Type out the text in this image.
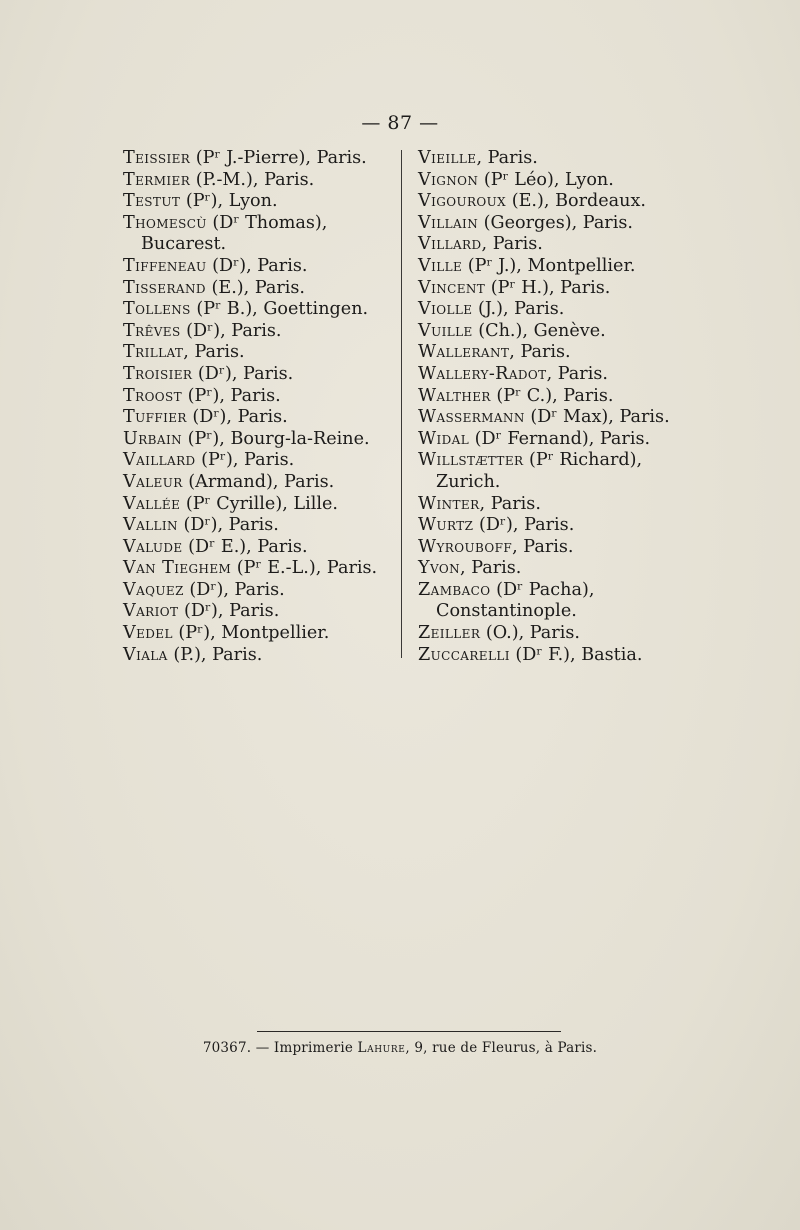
— 87 —
Teissier (Pʳ J.-Pierre), Paris.
Termier (P.-M.), Paris.
Testut (Pʳ), Lyon.
Thomescù (Dʳ Thomas), Bucarest.
Tiffeneau (Dʳ), Paris.
Tisserand (E.), Paris.
Tollens (Pʳ B.), Goettingen.
Trêves (Dʳ), Paris.
Trillat, Paris.
Troisier (Dʳ), Paris.
Troost (Pʳ), Paris.
Tuffier (Dʳ), Paris.
Urbain (Pʳ), Bourg-la-Reine.
Vaillard (Pʳ), Paris.
Valeur (Armand), Paris.
Vallée (Pʳ Cyrille), Lille.
Vallin (Dʳ), Paris.
Valude (Dʳ E.), Paris.
Van Tieghem (Pʳ E.-L.), Paris.
Vaquez (Dʳ), Paris.
Variot (Dʳ), Paris.
Vedel (Pʳ), Montpellier.
Viala (P.), Paris.
Vieille, Paris.
Vignon (Pʳ Léo), Lyon.
Vigouroux (E.), Bordeaux.
Villain (Georges), Paris.
Villard, Paris.
Ville (Pʳ J.), Montpellier.
Vincent (Pʳ H.), Paris.
Violle (J.), Paris.
Vuille (Ch.), Genève.
Wallerant, Paris.
Wallery-Radot, Paris.
Walther (Pʳ C.), Paris.
Wassermann (Dʳ Max), Paris.
Widal (Dʳ Fernand), Paris.
Willstætter (Pʳ Richard), Zurich.
Winter, Paris.
Wurtz (Dʳ), Paris.
Wyrouboff, Paris.
Yvon, Paris.
Zambaco (Dʳ Pacha), Constantinople.
Zeiller (O.), Paris.
Zuccarelli (Dʳ F.), Bastia.
70367. — Imprimerie Lahure, 9, rue de Fleurus, à Paris.
